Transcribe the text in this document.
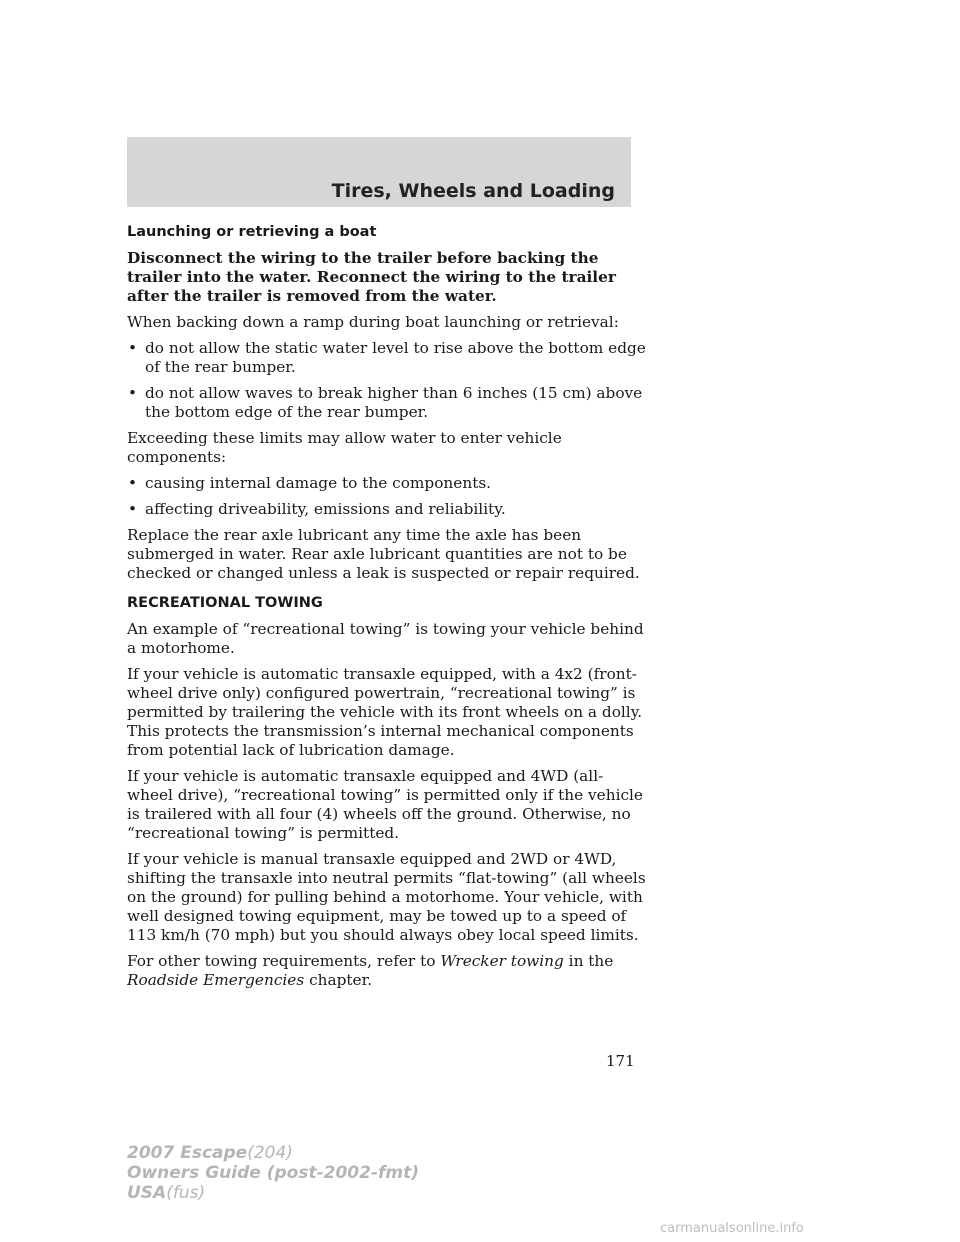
Tires, Wheels and Loading
Launching or retrieving a boat

Disconnect the wiring to the trailer before backing the trailer into the water. Reconnect the wiring to the trailer after the trailer is removed from the water.

When backing down a ramp during boat launching or retrieval:

• do not allow the static water level to rise above the bottom edge of the rear bumper.
• do not allow waves to break higher than 6 inches (15 cm) above the bottom edge of the rear bumper.

Exceeding these limits may allow water to enter vehicle components:

• causing internal damage to the components.
• affecting driveability, emissions and reliability.

Replace the rear axle lubricant any time the axle has been submerged in water. Rear axle lubricant quantities are not to be checked or changed unless a leak is suspected or repair required.

RECREATIONAL TOWING

An example of “recreational towing” is towing your vehicle behind a motorhome.

If your vehicle is automatic transaxle equipped, with a 4x2 (front-wheel drive only) configured powertrain, “recreational towing” is permitted by trailering the vehicle with its front wheels on a dolly. This protects the transmission’s internal mechanical components from potential lack of lubrication damage.

If your vehicle is automatic transaxle equipped and 4WD (all-wheel drive), “recreational towing” is permitted only if the vehicle is trailered with all four (4) wheels off the ground. Otherwise, no “recreational towing” is permitted.

If your vehicle is manual transaxle equipped and 2WD or 4WD, shifting the transaxle into neutral permits “flat-towing” (all wheels on the ground) for pulling behind a motorhome. Your vehicle, with well designed towing equipment, may be towed up to a speed of 113 km/h (70 mph) but you should always obey local speed limits.

For other towing requirements, refer to Wrecker towing in the Roadside Emergencies chapter.

171
2007 Escape(204)
Owners Guide (post-2002-fmt)
USA(fus)
carmanualsonline.info
